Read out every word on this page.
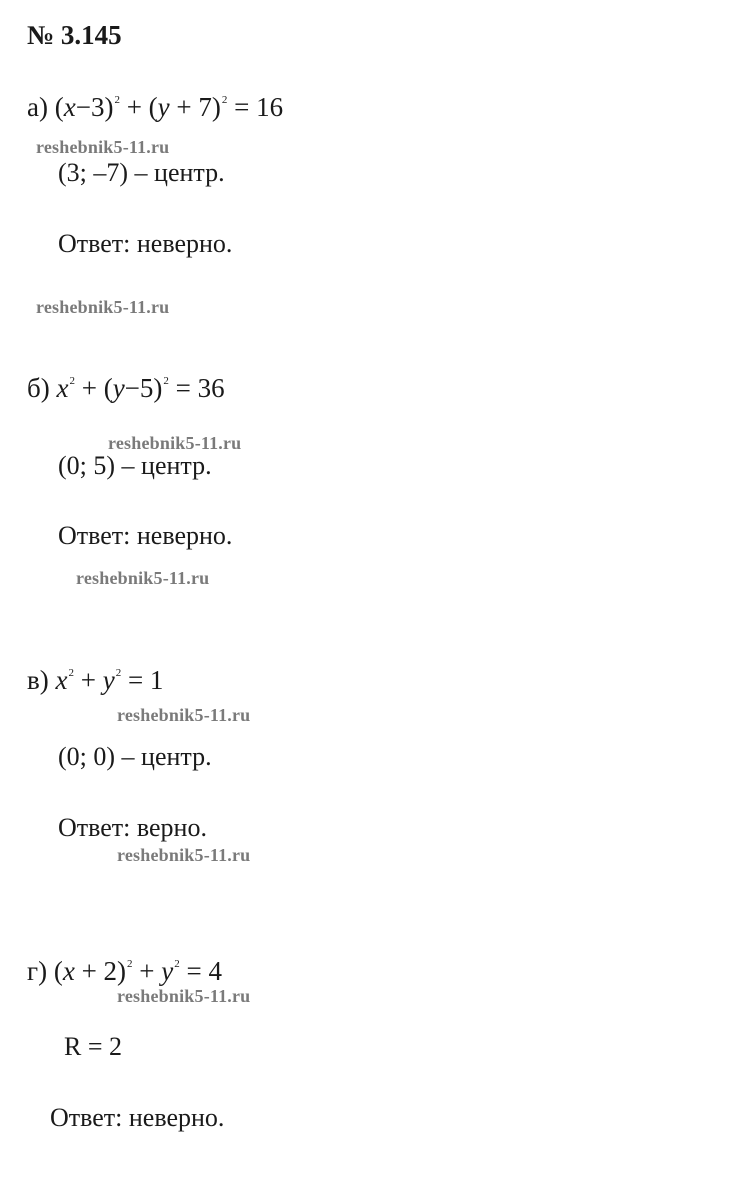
№ 3.145
а) $(x-3)^2 + (y + 7)^2 = 16$
reshebnik5-11.ru
(3; –7) – центр.
Ответ: неверно.
reshebnik5-11.ru
б) $x^2 + (y-5)^2 = 36$
reshebnik5-11.ru
(0; 5) – центр.
Ответ: неверно.
reshebnik5-11.ru
в) $x^2 + y^2 = 1$
reshebnik5-11.ru
(0; 0) – центр.
Ответ: верно.
reshebnik5-11.ru
г) $(x + 2)^2 + y^2 = 4$
reshebnik5-11.ru
R = 2
Ответ: неверно.
